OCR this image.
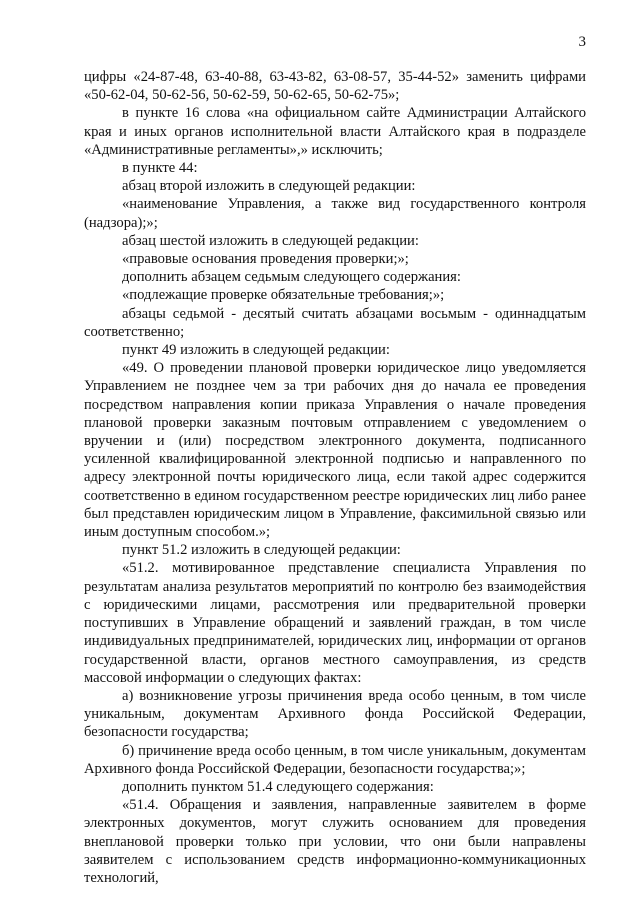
3

цифры «24-87-48, 63-40-88, 63-43-82, 63-08-57, 35-44-52» заменить цифрами «50-62-04, 50-62-56, 50-62-59, 50-62-65, 50-62-75»;

в пункте 16 слова «на официальном сайте Администрации Алтайского края и иных органов исполнительной власти Алтайского края в подразделе «Административные регламенты»,» исключить;

в пункте 44:

абзац второй изложить в следующей редакции:

«наименование Управления, а также вид государственного контроля (надзора);»;

абзац шестой изложить в следующей редакции:

«правовые основания проведения проверки;»;

дополнить абзацем седьмым следующего содержания:

«подлежащие проверке обязательные требования;»;

абзацы седьмой - десятый считать абзацами восьмым - одиннадцатым соответственно;

пункт 49 изложить в следующей редакции:

«49. О проведении плановой проверки юридическое лицо уведомляется Управлением не позднее чем за три рабочих дня до начала ее проведения посредством направления копии приказа Управления о начале проведения плановой проверки заказным почтовым отправлением с уведомлением о вручении и (или) посредством электронного документа, подписанного усиленной квалифицированной электронной подписью и направленного по адресу электронной почты юридического лица, если такой адрес содержится соответственно в едином государственном реестре юридических лиц либо ранее был представлен юридическим лицом в Управление, факсимильной связью или иным доступным способом.»;

пункт 51.2 изложить в следующей редакции:

«51.2. мотивированное представление специалиста Управления по результатам анализа результатов мероприятий по контролю без взаимодействия с юридическими лицами, рассмотрения или предварительной проверки поступивших в Управление обращений и заявлений граждан, в том числе индивидуальных предпринимателей, юридических лиц, информации от органов государственной власти, органов местного самоуправления, из средств массовой информации о следующих фактах:

а) возникновение угрозы причинения вреда особо ценным, в том числе уникальным, документам Архивного фонда Российской Федерации, безопасности государства;

б) причинение вреда особо ценным, в том числе уникальным, документам Архивного фонда Российской Федерации, безопасности государства;»;

дополнить пунктом 51.4 следующего содержания:

«51.4. Обращения и заявления, направленные заявителем в форме электронных документов, могут служить основанием для проведения внеплановой проверки только при условии, что они были направлены заявителем с использованием средств информационно-коммуникационных технологий,
